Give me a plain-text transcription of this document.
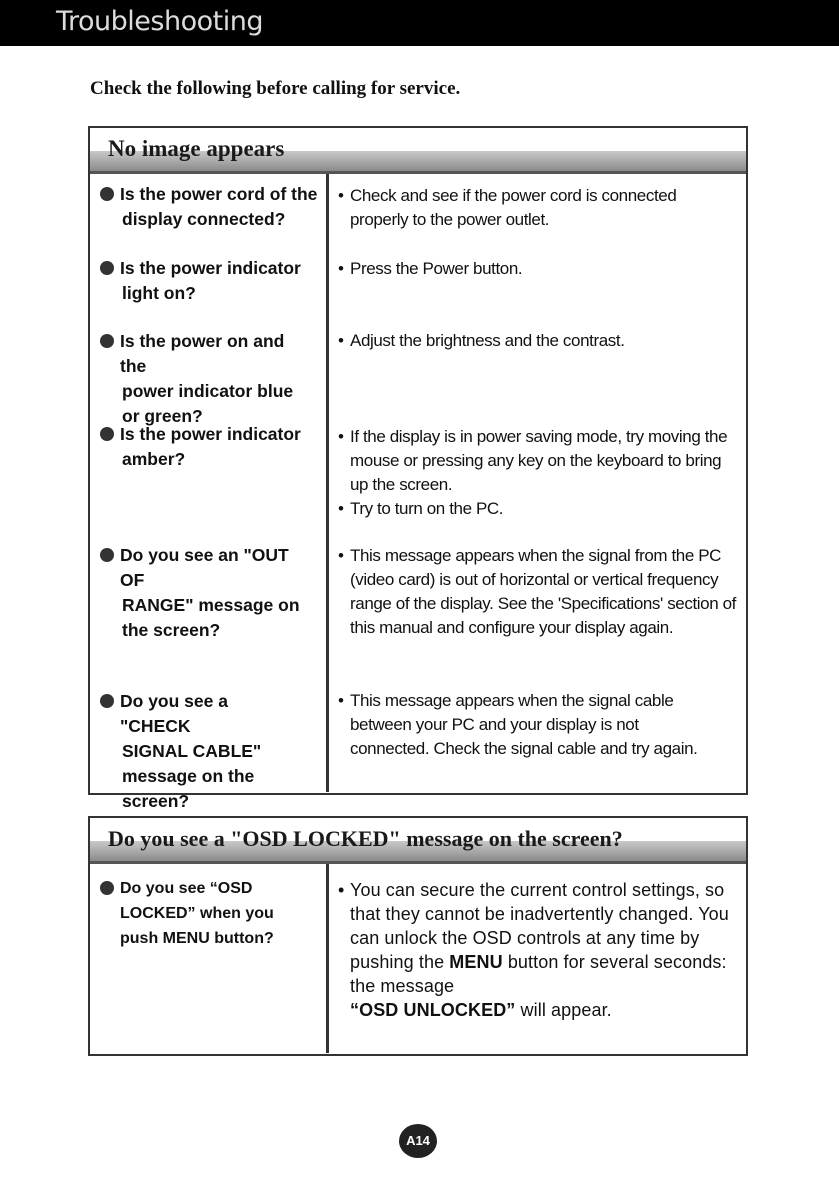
Troubleshooting
Check the following before calling for service.
No image appears
Is the power cord of the
display connected?
• Check and see if the power cord is connected properly to the power outlet.
Is the power indicator
light on?
• Press the Power button.
Is the power on and the
power indicator blue or green?
• Adjust the brightness and the contrast.
Is the power indicator
amber?
• If the display is in power saving mode, try moving the mouse or pressing any key on the keyboard to bring up the screen.
• Try to turn on the PC.
Do you see an "OUT OF
RANGE" message on the screen?
• This message appears when the signal from the PC (video card) is out of horizontal or vertical frequency range of the display. See the 'Specifications' section of this manual and configure your display again.
Do you see a "CHECK
SIGNAL CABLE" message on the screen?
• This message appears when the signal cable between your PC and your display is not connected. Check the signal cable and try again.
Do you see a "OSD LOCKED" message on the screen?
Do you see “OSD LOCKED” when you push MENU button?
• You can secure the current control settings, so that they cannot be inadvertently changed. You can unlock the OSD controls at any time by pushing the MENU button for several seconds: the message
“OSD UNLOCKED” will appear.
A14
